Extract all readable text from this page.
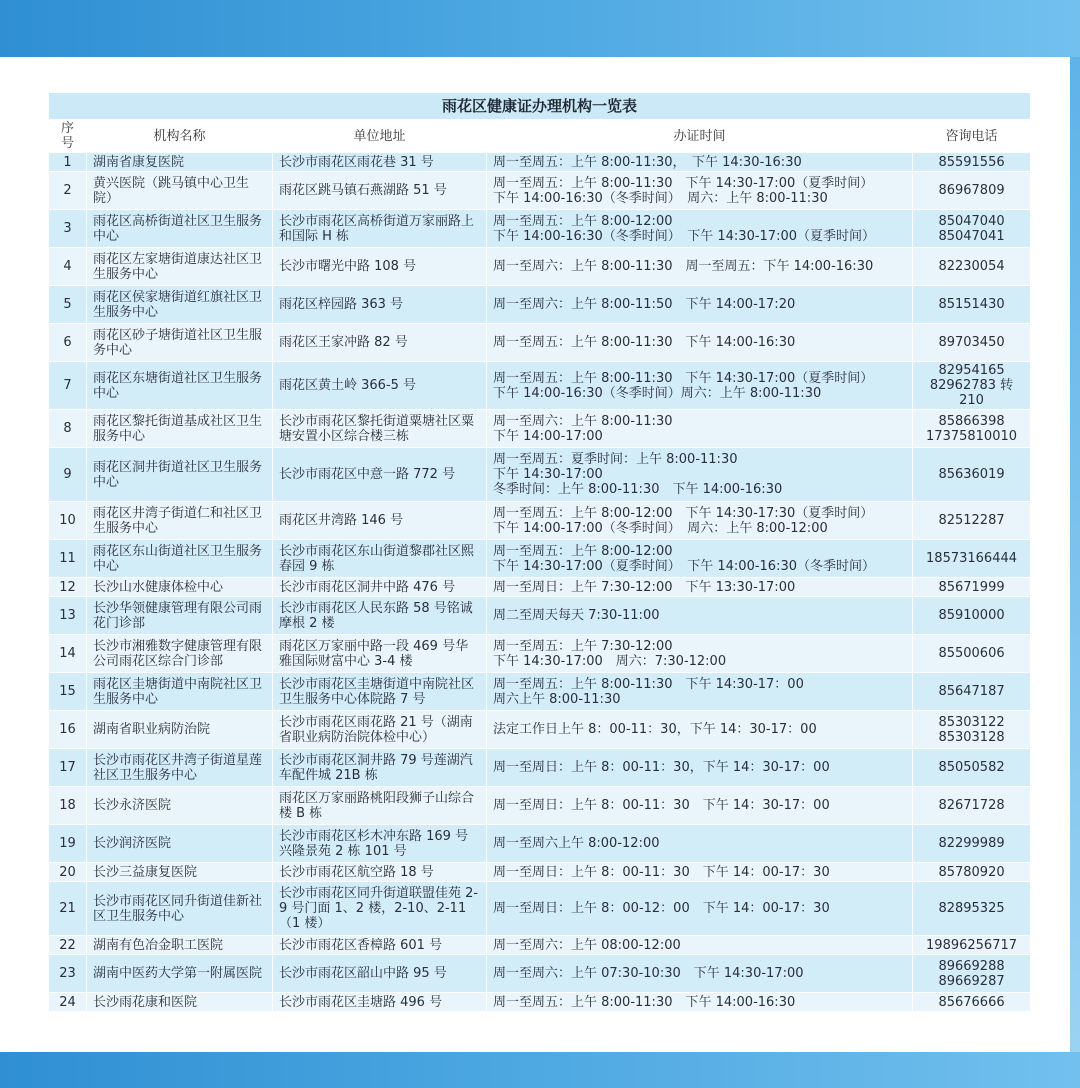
雨花区健康证办理机构一览表				
序号	机构名称	单位地址	办证时间	咨询电话

1	湖南省康复医院	长沙市雨花区雨花巷 31 号	周一至周五：上午 8:00-11:30，　下午 14:30-16:30	85591556

2	黄兴医院（跳马镇中心卫生院）	雨花区跳马镇石燕湖路 51 号	周一至周五：上午 8:00-11:30　下午 14:30-17:00（夏季时间）
下午 14:00-16:30（冬季时间）　周六：上午 8:00-11:30	86967809

3	雨花区高桥街道社区卫生服务中心	长沙市雨花区高桥街道万家丽路上和国际 H 栋	周一至周五：上午 8:00-12:00
下午 14:00-16:30（冬季时间）　下午 14:30-17:00（夏季时间）	85047040
85047041

4	雨花区左家塘街道康达社区卫生服务中心	长沙市曙光中路 108 号	周一至周六：上午 8:00-11:30　周一至周五：下午 14:00-16:30	82230054

5	雨花区侯家塘街道红旗社区卫生服务中心	雨花区梓园路 363 号	周一至周六：上午 8:00-11:50　下午 14:00-17:20	85151430

6	雨花区砂子塘街道社区卫生服务中心	雨花区王家冲路 82 号	周一至周五：上午 8:00-11:30　下午 14:00-16:30	89703450

7	雨花区东塘街道社区卫生服务中心	雨花区黄土岭 366-5 号	周一至周五：上午 8:00-11:30　下午 14:30-17:00（夏季时间）
下午 14:00-16:30（冬季时间）周六：上午 8:00-11:30	82954165
82962783 转 210

8	雨花区黎托街道基成社区卫生服务中心	长沙市雨花区黎托街道粟塘社区粟塘安置小区综合楼三栋	周一至周六：上午 8:00-11:30
下午 14:00-17:00	85866398
17375810010

9	雨花区洞井街道社区卫生服务中心	长沙市雨花区中意一路 772 号	周一至周五：夏季时间：上午 8:00-11:30
下午 14:30-17:00
冬季时间：上午 8:00-11:30　下午 14:00-16:30	85636019

10	雨花区井湾子街道仁和社区卫生服务中心	雨花区井湾路 146 号	周一至周五：上午 8:00-12:00　下午 14:30-17:30（夏季时间）
下午 14:00-17:00（冬季时间）　周六：上午 8:00-12:00	82512287

11	雨花区东山街道社区卫生服务中心	长沙市雨花区东山街道黎郡社区熙春园 9 栋	周一至周五：上午 8:00-12:00
下午 14:30-17:00（夏季时间）　下午 14:00-16:30（冬季时间）	18573166444

12	长沙山水健康体检中心	长沙市雨花区洞井中路 476 号	周一至周日：上午 7:30-12:00　下午 13:30-17:00	85671999

13	长沙华领健康管理有限公司雨花门诊部	长沙市雨花区人民东路 58 号铭诚摩根 2 楼	周二至周天每天 7:30-11:00	85910000

14	长沙市湘雅数字健康管理有限公司雨花区综合门诊部	雨花区万家丽中路一段 469 号华雅国际财富中心 3-4 楼	周一至周五：上午 7:30-12:00
下午 14:30-17:00　周六：7:30-12:00	85500606

15	雨花区圭塘街道中南院社区卫生服务中心	长沙市雨花区圭塘街道中南院社区卫生服务中心体院路 7 号	周一至周五：上午 8:00-11:30　下午 14:30-17：00
周六上午 8:00-11:30	85647187

16	湖南省职业病防治院	长沙市雨花区雨花路 21 号（湖南省职业病防治院体检中心）	法定工作日上午 8：00-11：30，下午 14：30-17：00	85303122
85303128

17	长沙市雨花区井湾子街道星莲社区卫生服务中心	长沙市雨花区洞井路 79 号莲湖汽车配件城 21B 栋	周一至周日：上午 8：00-11：30，下午 14：30-17：00	85050582

18	长沙永济医院	雨花区万家丽路桃阳段狮子山综合楼 B 栋	周一至周日：上午 8：00-11：30　下午 14：30-17：00	82671728

19	长沙润济医院	长沙市雨花区杉木冲东路 169 号兴隆景苑 2 栋 101 号	周一至周六上午 8:00-12:00	82299989

20	长沙三益康复医院	长沙市雨花区航空路 18 号	周一至周日：上午 8：00-11：30　下午 14：00-17：30	85780920

21	长沙市雨花区同升街道佳新社区卫生服务中心	长沙市雨花区同升街道联盟佳苑 2-9 号门面 1、2 楼，2-10、2-11（1 楼）	周一至周日：上午 8：00-12：00　下午 14：00-17：30	82895325

22	湖南有色冶金职工医院	长沙市雨花区香樟路 601 号	周一至周六：上午 08:00-12:00	19896256717

23	湖南中医药大学第一附属医院	长沙市雨花区韶山中路 95 号	周一至周六：上午 07:30-10:30　下午 14:30-17:00	89669288
89669287

24	长沙雨花康和医院	长沙市雨花区圭塘路 496 号	周一至周五：上午 8:00-11:30　下午 14:00-16:30	85676666
